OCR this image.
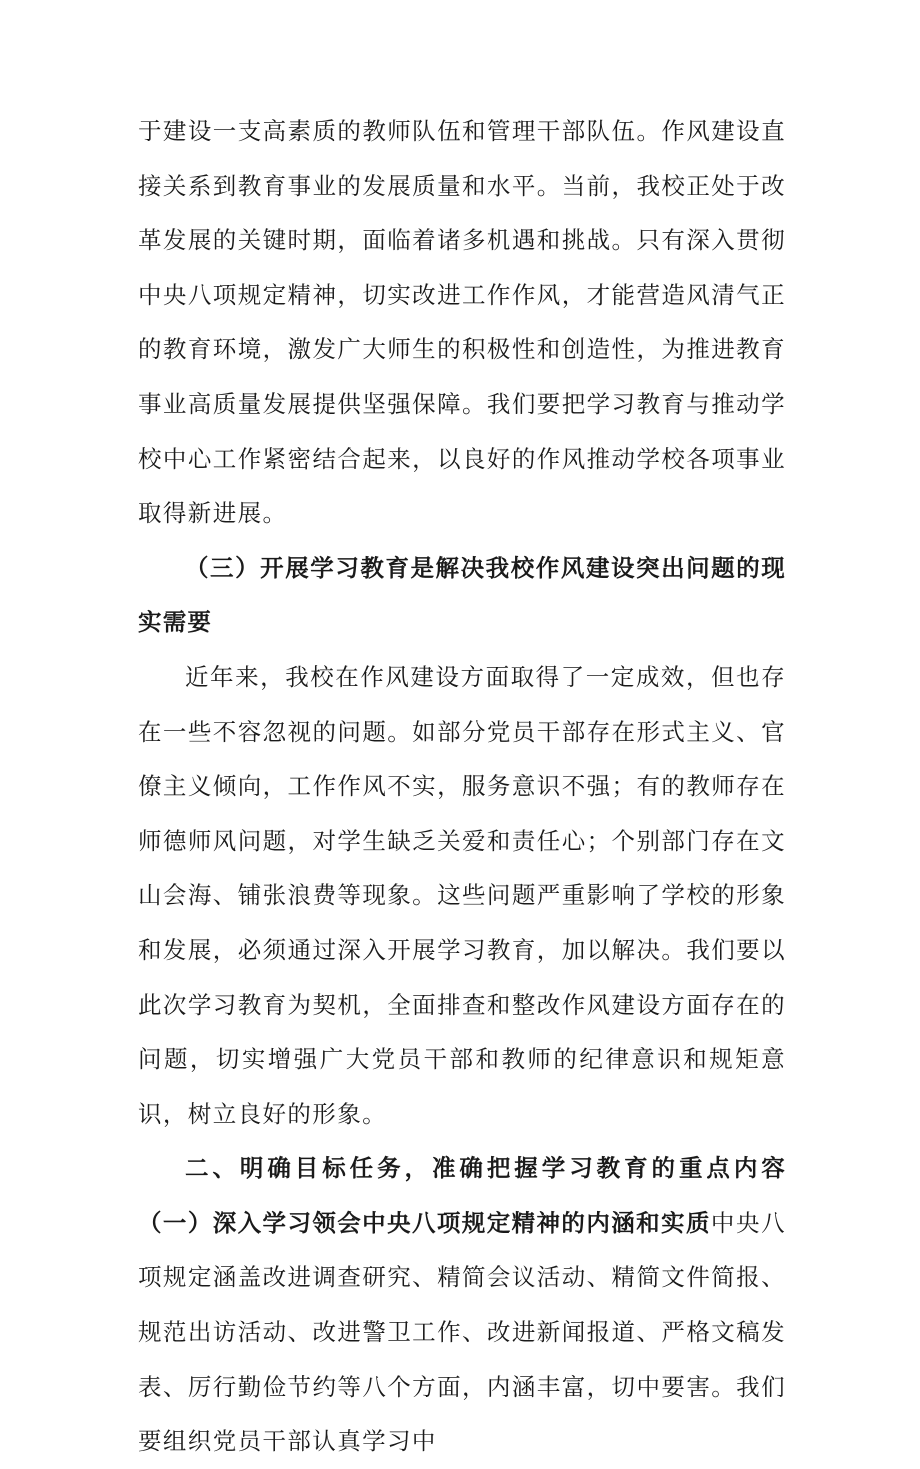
于建设一支高素质的教师队伍和管理干部队伍。作风建设直接关系到教育事业的发展质量和水平。当前，我校正处于改革发展的关键时期，面临着诸多机遇和挑战。只有深入贯彻中央八项规定精神，切实改进工作作风，才能营造风清气正的教育环境，激发广大师生的积极性和创造性，为推进教育事业高质量发展提供坚强保障。我们要把学习教育与推动学校中心工作紧密结合起来，以良好的作风推动学校各项事业取得新进展。

（三）开展学习教育是解决我校作风建设突出问题的现实需要

近年来，我校在作风建设方面取得了一定成效，但也存在一些不容忽视的问题。如部分党员干部存在形式主义、官僚主义倾向，工作作风不实，服务意识不强；有的教师存在师德师风问题，对学生缺乏关爱和责任心；个别部门存在文山会海、铺张浪费等现象。这些问题严重影响了学校的形象和发展，必须通过深入开展学习教育，加以解决。我们要以此次学习教育为契机，全面排查和整改作风建设方面存在的问题，切实增强广大党员干部和教师的纪律意识和规矩意识，树立良好的形象。

二、明确目标任务，准确把握学习教育的重点内容（一）深入学习领会中央八项规定精神的内涵和实质中央八项规定涵盖改进调查研究、精简会议活动、精简文件简报、规范出访活动、改进警卫工作、改进新闻报道、严格文稿发表、厉行勤俭节约等八个方面，内涵丰富，切中要害。我们要组织党员干部认真学习中
